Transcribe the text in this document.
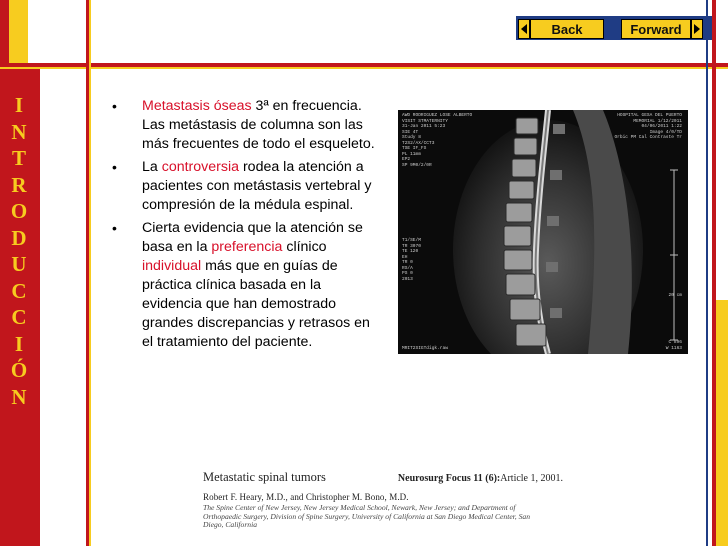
Back	Forward
I
N
T
R
O
D
U
C
C
I
Ó
N
• Metastasis óseas 3ª en frecuencia. Las metástasis de columna son las más frecuentes de todo el esqueleto.
• La controversia rodea la atención a pacientes con metástasis vertebral y compresión de la médula espinal.
• Cierta evidencia que la atención se basa en la preferencia clínico individual más que en guías de práctica clínica basada en la evidencia que han demostrado grandes discrepancias y retrasos en el tratamiento del paciente.
AWD RODRIGUEZ LOSE ALBERTO
VISIT STMATERNITY
31-Jan 2011 5:23
SIE 4T
Study 8
T2S2/AX/CCT3
TSE IF_FS
PL 11mm
EP2
SP 9M0/2/0R
HOSPITAL GESA DEL PUERTO
MEMORIAL 1/12/2011
04/06/2011 1:22
Image 4/0/TD
Orbic PM Cal Contraste Tr
T1/SE/M
TR 3070
TE 120
EH
TR 0
RS/A
PS 0
2013
C 896
W 1163
20 cm
MRIT2SIGTdigk.raw
Metastatic spinal tumors	Neurosurg Focus 11 (6):Article 1, 2001.
Robert F. Heary, M.D., and Christopher M. Bono, M.D.
The Spine Center of New Jersey, New Jersey Medical School, Newark, New Jersey; and Department of Orthopaedic Surgery, Division of Spine Surgery, University of California at San Diego Medical Center, San Diego, California
